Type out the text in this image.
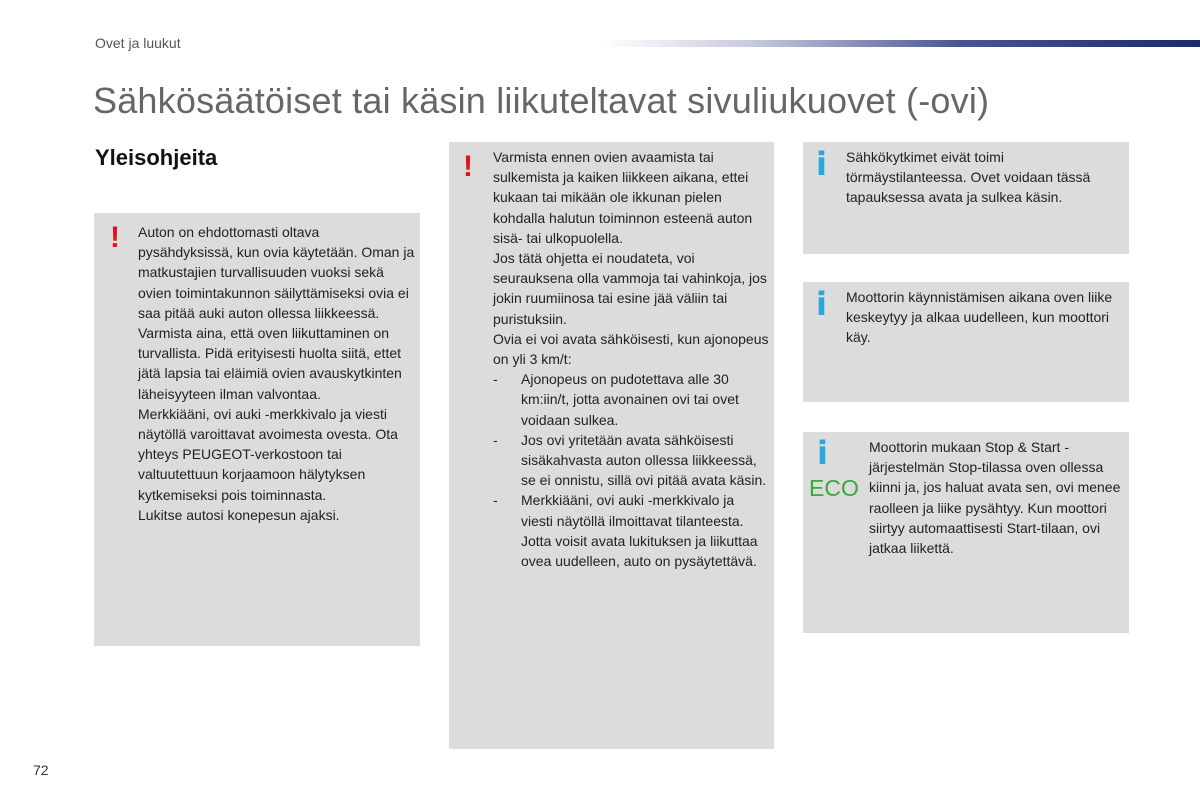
Ovet ja luukut
Sähkösäätöiset tai käsin liikuteltavat sivuliukuovet (-ovi)
Yleisohjeita
! Auton on ehdottomasti oltava pysähdyksissä, kun ovia käytetään. Oman ja matkustajien turvallisuuden vuoksi sekä ovien toimintakunnon säilyttämiseksi ovia ei saa pitää auki auton ollessa liikkeessä.

Varmista aina, että oven liikuttaminen on turvallista. Pidä erityisesti huolta siitä, ettet jätä lapsia tai eläimiä ovien avauskytkinten läheisyyteen ilman valvontaa.

Merkkiääni, ovi auki -merkkivalo ja viesti näytöllä varoittavat avoimesta ovesta. Ota yhteys PEUGEOT-verkostoon tai valtuutettuun korjaamoon hälytyksen kytkemiseksi pois toiminnasta.

Lukitse autosi konepesun ajaksi.

! Varmista ennen ovien avaamista tai sulkemista ja kaiken liikkeen aikana, ettei kukaan tai mikään ole ikkunan pielen kohdalla halutun toiminnon esteenä auton sisä- tai ulkopuolella.

Jos tätä ohjetta ei noudateta, voi seurauksena olla vammoja tai vahinkoja, jos jokin ruumiinosa tai esine jää väliin tai puristuksiin.

Ovia ei voi avata sähköisesti, kun ajonopeus on yli 3 km/t:

- Ajonopeus on pudotettava alle 30 km:iin/t, jotta avonainen ovi tai ovet voidaan sulkea.
- Jos ovi yritetään avata sähköisesti sisäkahvasta auton ollessa liikkeessä, se ei onnistu, sillä ovi pitää avata käsin.
- Merkkiääni, ovi auki -merkkivalo ja viesti näytöllä ilmoittavat tilanteesta. Jotta voisit avata lukituksen ja liikuttaa ovea uudelleen, auto on pysäytettävä.
i Sähkökytkimet eivät toimi törmäystilanteessa. Ovet voidaan tässä tapauksessa avata ja sulkea käsin.

i Moottorin käynnistämisen aikana oven liike keskeytyy ja alkaa uudelleen, kun moottori käy.

i
ECO

Moottorin mukaan Stop & Start -järjestelmän Stop-tilassa oven ollessa kiinni ja, jos haluat avata sen, ovi menee raolleen ja liike pysähtyy. Kun moottori siirtyy automaattisesti Start-tilaan, ovi jatkaa liikettä.

72
